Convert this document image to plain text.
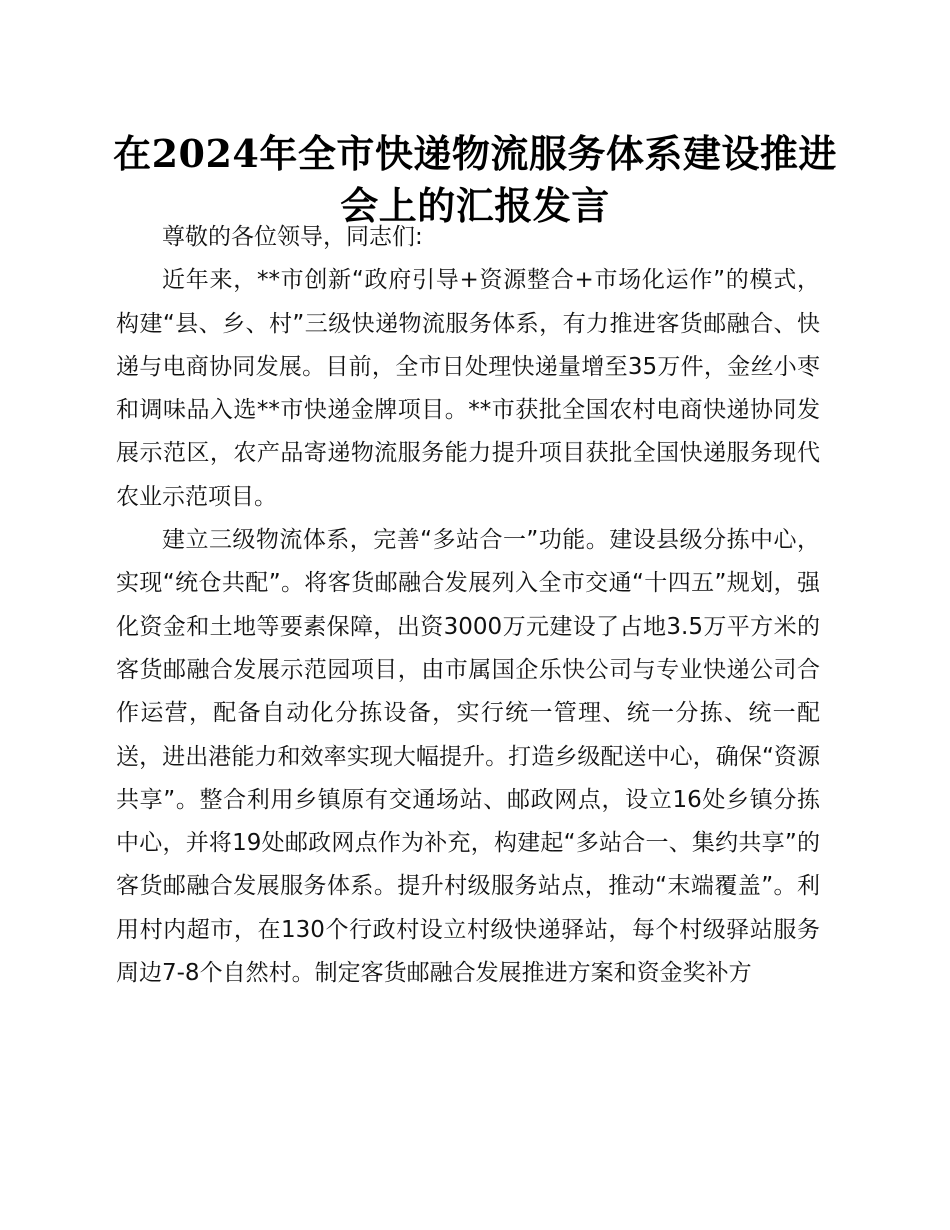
在2024年全市快递物流服务体系建设推进会上的汇报发言

尊敬的各位领导，同志们:

近年来，**市创新“政府引导+资源整合+市场化运作”的模式，构建“县、乡、村”三级快递物流服务体系，有力推进客货邮融合、快递与电商协同发展。目前，全市日处理快递量增至35万件，金丝小枣和调味品入选**市快递金牌项目。**市获批全国农村电商快递协同发展示范区，农产品寄递物流服务能力提升项目获批全国快递服务现代农业示范项目。

建立三级物流体系，完善“多站合一”功能。建设县级分拣中心，实现“统仓共配”。将客货邮融合发展列入全市交通“十四五”规划，强化资金和土地等要素保障，出资3000万元建设了占地3.5万平方米的客货邮融合发展示范园项目，由市属国企乐快公司与专业快递公司合作运营，配备自动化分拣设备，实行统一管理、统一分拣、统一配送，进出港能力和效率实现大幅提升。打造乡级配送中心，确保“资源共享”。整合利用乡镇原有交通场站、邮政网点，设立16处乡镇分拣中心，并将19处邮政网点作为补充，构建起“多站合一、集约共享”的客货邮融合发展服务体系。提升村级服务站点，推动“末端覆盖”。利用村内超市，在130个行政村设立村级快递驿站，每个村级驿站服务周边7-8个自然村。制定客货邮融合发展推进方案和资金奖补方
